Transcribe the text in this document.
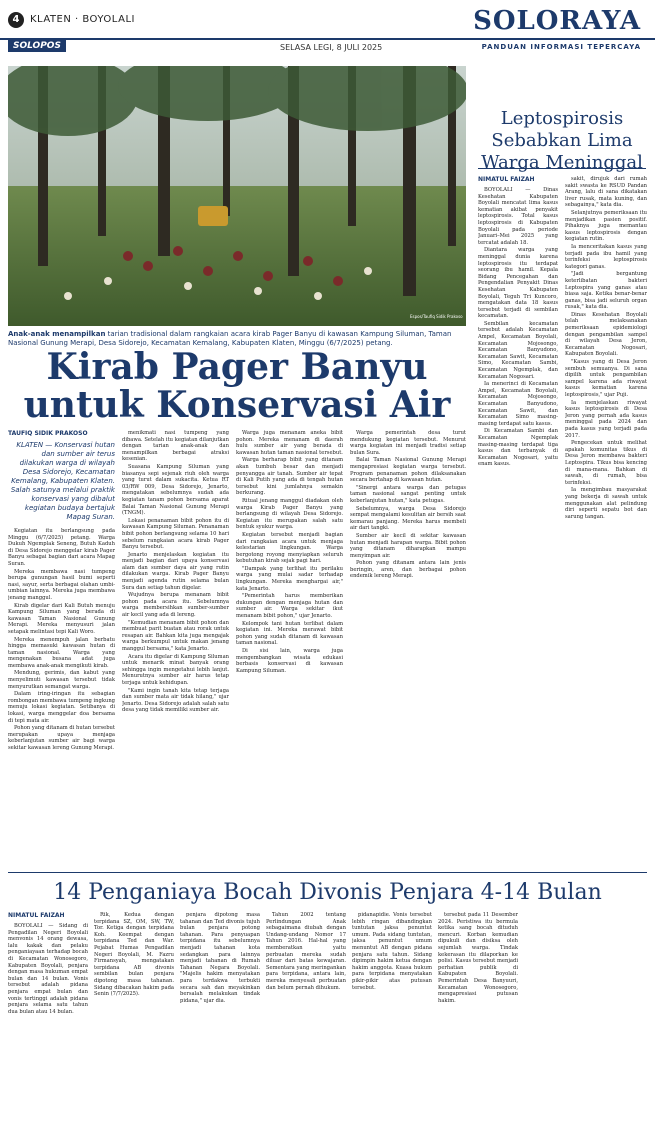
4	KLATEN · BOYOLALI	SOLORAYA
SOLOPOS	SELASA LEGI, 8 JULI 2025	PANDUAN INFORMASI TEPERCAYA
Espos/Taufiq Sidik Prakoso
Anak-anak menampilkan tarian tradisional dalam rangkaian acara kirab Pager Banyu di kawasan Kampung Siluman, Taman Nasional Gunung Merapi, Desa Sidorejo, Kecamatan Kemalang, Kabupaten Klaten, Minggu (6/7/2025) petang.
Leptospirosis Sebabkan Lima Warga Meninggal
Kirab Pager Banyu untuk Konservasi Air
TAUFIQ SIDIK PRAKOSO
KLATEN — Konservasi hutan dan sumber air terus dilakukan warga di wilayah Desa Sidorejo, Kecamatan Kemalang, Kabupaten Klaten. Salah satunya melalui praktik konservasi yang dibalut kegiatan budaya bertajuk Mapag Suran.

Kegiatan itu berlangsung pada Minggu (6/7/2025) petang. Warga Dukuh Ngemplak Seneng, Butuh Kaduh di Desa Sidorejo menggelar kirab Pager Banyu sebagai bagian dari acara Mapag Suran.

Mereka membawa nasi tumpeng berupa gunungan hasil bumi seperti nasi, sayur, serta berbagai olahan umbi-umbian lainnya. Mereka juga membawa jenang manggul.

Kirab digelar dari Kali Butuh menuju Kampung Siluman yang berada di kawasan Taman Nasional Gunung Merapi. Mereka menyusuri jalan setapak melintasi tepi Kali Woro.

Mereka menempuh jalan berbatu hingga memasuki kawasan hutan di taman nasional. Warga yang mengenakan busana adat juga membawa anak-anak mengikuti kirab.

Mendung, gerimis, dan kabut yang menyelimuti kawasan tersebut tidak menyurutkan semangat warga.

Dalam iring-iringan itu sebagian rombongan membawa tumpeng ingkung menuju lokasi kegiatan. Setibanya di lokasi, warga menggelar doa bersama di tepi mata air.

Pohon yang ditanam di hutan tersebut merupakan upaya menjaga keberlanjutan sumber air bagi warga sekitar kawasan lereng Gunung Merapi.

menikmati nasi tumpeng yang dibawa. Setelah itu kegiatan dilanjutkan dengan tarian anak-anak dan menampilkan berbagai atraksi kesenian.

Suasana Kampung Siluman yang biasanya sepi sejenak riuh oleh warga yang turut dalam sukacita. Ketua RT 03/RW 009, Desa Sidorejo, Jenarto, mengatakan sebelumnya sudah ada kegiatan tanam pohon bersama aparat Balai Taman Nasional Gunung Merapi (TNGM).

Lokasi penanaman bibit pohon itu di kawasan Kampung Siluman. Penanaman bibit pohon berlangsung selama 10 hari sebelum rangkaian acara kirab Pager Banyu tersebut.

Jenarto menjelaskan kegiatan itu menjadi bagian dari upaya konservasi alam dan sumber daya air yang rutin dilakukan warga. Kirab Pager Banyu menjadi agenda rutin selama bulan Sura dan setiap tahun digelar.

Wujudnya berupa menanam bibit pohon pada acara itu. Sebelumnya warga membersihkan sumber-sumber air kecil yang ada di lereng.

"Kemudian menanam bibit pohon dan membuat parit buatan atau rorak untuk resapan air. Bahkan kita juga mengajak warga berkumpul untuk makan jenang manggul bersama," kata Jenarto.

Acara itu digelar di Kampung Siluman untuk menarik minat banyak orang sehingga ingin mengetahui lebih lanjut. Menurutnya sumber air harus tetap terjaga untuk kehidupan.

"Kami ingin tanah kita tetap terjaga dan sumber mata air tidak hilang," ujar Jenarto. Desa Sidorejo adalah salah satu desa yang tidak memiliki sumber air.

Warga juga menanam aneka bibit pohon. Mereka menanam di daerah hulu sumber air yang berada di kawasan hutan taman nasional tersebut.

Warga berharap bibit yang ditanam akan tumbuh besar dan menjadi penyangga air tanah. Sumber air tepat di Kali Putih yang ada di tengah hutan tersebut kini jumlahnya semakin berkurang.

Ritual jenang manggul diadakan oleh warga Kirab Pager Banyu yang berlangsung di wilayah Desa Sidorejo. Kegiatan itu merupakan salah satu bentuk syukur warga.

Kegiatan tersebut menjadi bagian dari rangkaian acara untuk menjaga kelestarian lingkungan. Warga bergotong royong menyiapkan seluruh kebutuhan kirab sejak pagi hari.

"Dampak yang terlihat itu perilaku warga yang mulai sadar terhadap lingkungan. Mereka menghargai air," kata Jenarto.

"Pemerintah harus memberikan dukungan dengan menjaga hutan dan sumber air. Warga sekitar ikut menanam bibit pohon," ujar Jenarto.

Kelompok tani hutan terlibat dalam kegiatan ini. Mereka merawat bibit pohon yang sudah ditanam di kawasan taman nasional.

Di sisi lain, warga juga mengembangkan wisata edukasi berbasis konservasi di kawasan Kampung Siluman.

Warga pemerintah desa turut mendukung kegiatan tersebut. Menurut warga kegiatan ini menjadi tradisi setiap bulan Sura.

Balai Taman Nasional Gunung Merapi mengapresiasi kegiatan warga tersebut. Program penanaman pohon dilaksanakan secara bertahap di kawasan hutan.

"Sinergi antara warga dan petugas taman nasional sangat penting untuk keberlanjutan hutan," kata petugas.

Sebelumnya, warga Desa Sidorejo sempat mengalami kesulitan air bersih saat kemarau panjang. Mereka harus membeli air dari tangki.

Sumber air kecil di sekitar kawasan hutan menjadi harapan warga. Bibit pohon yang ditanam diharapkan mampu menyimpan air.

Pohon yang ditanam antara lain jenis beringin, aren, dan berbagai pohon endemik lereng Merapi.

NIMATUL FAIZAH

BOYOLALI — Dinas Kesehatan Kabupaten Boyolali mencatat lima kasus kematian akibat penyakit leptospirosis. Total kasus leptospirosis di Kabupaten Boyolali pada periode Januari–Mei 2025 yang tercatat adalah 18.

Diantara warga yang meninggal dunia karena leptospirosis itu terdapat seorang ibu hamil. Kepala Bidang Pencegahan dan Pengendalian Penyakit Dinas Kesehatan Kabupaten Boyolali, Teguh Tri Kuncoro, mengatakan data 18 kasus tersebut terjadi di sembilan kecamatan.

Sembilan kecamatan tersebut adalah Kecamatan Ampel, Kecamatan Boyolali, Kecamatan Mojosongo, Kecamatan Banyudono, Kecamatan Sawit, Kecamatan Simo, Kecamatan Sambi, Kecamatan Ngemplak, dan Kecamatan Nogosari.

Ia menerinci di Kecamatan Ampel, Kecamatan Boyolali, Kecamatan Mojosongo, Kecamatan Banyudono, Kecamatan Sawit, dan Kecamatan Simo masing-masing terdapat satu kasus.

Di Kecamatan Sambi dan Kecamatan Ngemplak masing-masing terdapat tiga kasus dan terbanyak di Kecamatan Nogosari, yaitu enam kasus.

sakit, dirujuk dari rumah sakit swasta ke RSUD Pandan Arang, lalu di sana dikatakan liver rusak, mata kuning, dan sebagainya," kata dia.

Selanjutnya pemeriksaan itu menjadikan pasien positif. Pihaknya juga memantau kasus leptospirosis dengan kegiatan rutin.

Ia menceritakan kasus yang terjadi pada ibu hamil yang terinfeksi leptospirosis kategori ganas.

"Jadi bergantung keterlibatan bakteri Leptospira yang ganas atau biasa saja. Ketika benar-benar ganas, bisa jadi seluruh organ rusak," kata dia.

Dinas Kesehatan Boyolali telah melaksanakan pemeriksaan epidemiologi dengan pengambilan sampel di wilayah Desa Jeron, Kecamatan Nogosari, Kabupaten Boyolali.

"Kasus yang di Desa Jeron sembuh semuanya. Di sana dipilih untuk pengambilan sampel karena ada riwayat kasus kematian karena leptospirosis," ujar Puji.

Ia menjelaskan riwayat kasus leptospirosis di Desa Jeron yang pernah ada kasus meninggal pada 2024 dan pada kasus yang terjadi pada 2017.

Pengecekan untuk melihat apakah komunitas tikus di Desa Jeron membawa bakteri Leptospira. Tikus bisa kencing di mana-mana. Bahkan di sawah, di rumah, bisa terinfeksi.

Ia mengimbau masyarakat yang bekerja di sawah untuk menggunakan alat pelindung diri seperti sepatu bot dan sarung tangan.

14 Penganiaya Bocah Divonis Penjara 4-14 Bulan
NIMATUL FAIZAH

BOYOLALI — Sidang di Pengadilan Negeri Boyolali menvonis 14 orang dewasa, lalu kakak dan pelaku penganiayaan terhadap bocah di Kecamatan Wonosegoro, Kabupaten Boyolali, penjara dengan masa hukuman empat bulan dan 14 bulan. Vonis tersebut adalah pidana penjara empat bulan dan vonis tertinggi adalah pidana penjara selama satu tahun dua bulan atau 14 bulan.

Rik, Kedua dengan terpidana SZ, OM, SW, TW, Tor. Ketiga dengan terpidana Koh. Keempat dengan terpidana Ted dan War. Pejabat Humas Pengadilan Negeri Boyolali, M. Fazru Firmansyah, mengatakan terpidana AB divonis sembilan bulan penjara dipotong masa tahanan. Sidang dibacakan hakim pada Senin (7/7/2025).

penjara dipotong masa tahanan dan Ted divonis tujuh bulan penjara potong tahanan. Para penyuapan terpidana itu sebelumnya menjadi tahanan kota sedangkan para lainnya menjadi tahanan di Rumah Tahanan Negara Boyolali. "Majelis hakim menyatakan para terdakwa terbukti secara sah dan meyakinkan bersalah melakukan tindak pidana," ujar dia.

Tahun 2002 tentang Perlindungan Anak sebagaimana diubah dengan Undang-undang Nomor 17 Tahun 2016. Hal-hal yang memberatkan yaitu perbuatan mereka sudah diluar dari batas kewajaran. Sementara yang meringankan para terpidana, antara lain, mereka menyesali perbuatan dan belum pernah dihukum.

pidanapidie. Vonis tersebut lebih ringan dibandingkan tuntutan jaksa penuntut umum. Pada sidang tuntutan, jaksa penuntut umum menuntut AB dengan pidana penjara satu tahun. Sidang dipimpin hakim ketua dengan hakim anggota. Kuasa hukum para terpidana menyatakan pikir-pikir atas putusan tersebut.

tersebut pada 11 Desember 2024. Peristiwa itu bermula ketika sang bocah dituduh mencuri. Korban kemudian dipukuli dan disiksa oleh sejumlah warga. Tindak kekerasan itu dilaporkan ke polisi. Kasus tersebut menjadi perhatian publik di Kabupaten Boyolali. Pemerintah Desa Banyuuri, Kecamatan Wonosegoro, mengapresiasi putusan hakim.
